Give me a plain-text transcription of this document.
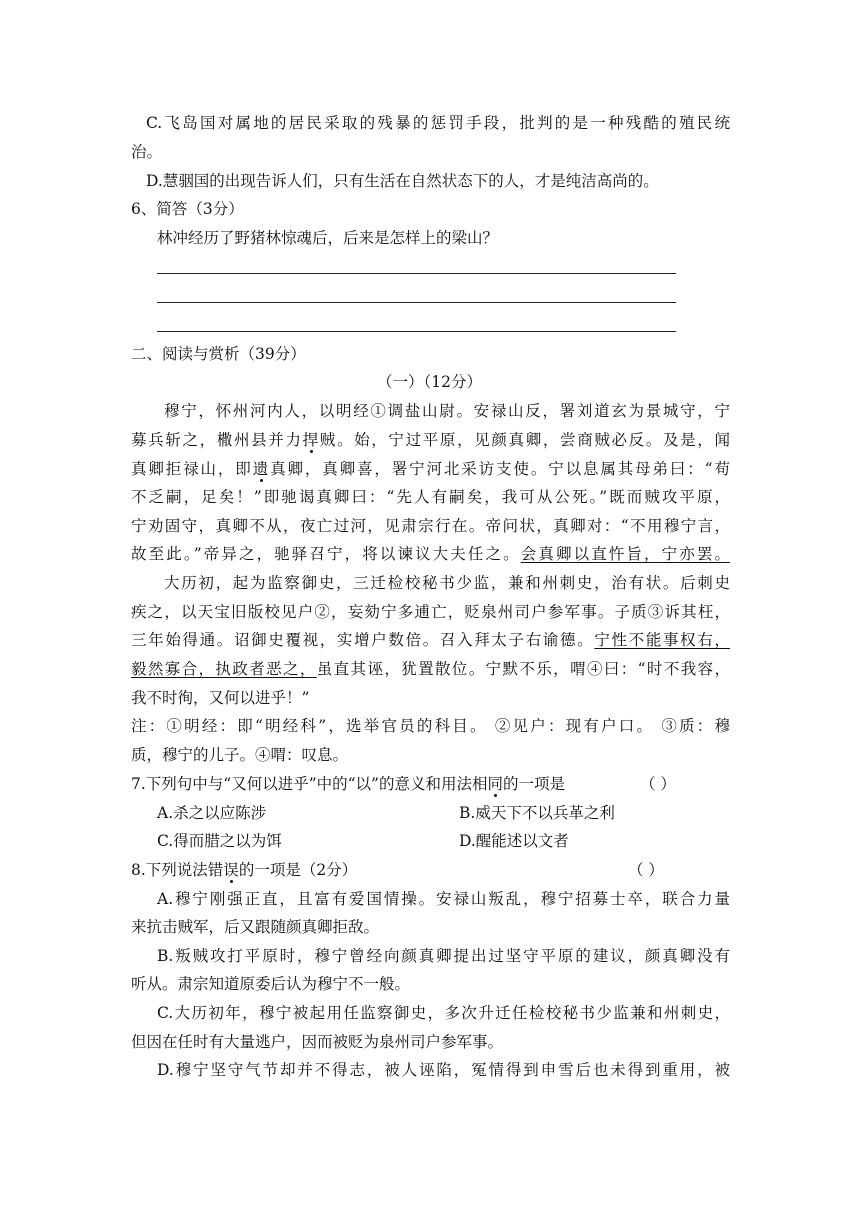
C.飞岛国对属地的居民采取的残暴的惩罚手段，批判的是一种残酷的殖民统
治。
D.慧骃国的出现告诉人们，只有生活在自然状态下的人，才是纯洁高尚的。
6、简答（3分）
林冲经历了野猪林惊魂后，后来是怎样上的梁山？
二、阅读与赏析（39分）
（一）（12分）
穆宁，怀州河内人，以明经①调盐山尉。安禄山反，署刘道玄为景城守，宁
募兵斩之，橵州县并力捍贼。始，宁过平原，见颜真卿，尝商贼必反。及是，闻
真卿拒禄山，即遗真卿，真卿喜，署宁河北采访支使。宁以息属其母弟曰：“苟
不乏嗣，足矣！”即驰谒真卿曰：“先人有嗣矣，我可从公死。”既而贼攻平原，
宁劝固守，真卿不从，夜亡过河，见肃宗行在。帝问状，真卿对：“不用穆宁言，
故至此。”帝异之，驰驿召宁，将以谏议大夫任之。会真卿以直忤旨，宁亦罢。
大历初，起为监察御史，三迁检校秘书少监，兼和州刺史，治有状。后刺史
疾之，以天宝旧版校见户②，妄劾宁多逋亡，贬泉州司户参军事。子质③诉其枉，
三年始得通。诏御史覆视，实增户数倍。召入拜太子右谕德。宁性不能事权右，
毅然寡合，执政者恶之，虽直其诬，犹置散位。宁默不乐，喟④曰：“时不我容，
我不时徇，又何以进乎！”
注：①明经：即“明经科”，选举官员的科目。 ②见户：现有户口。 ③质：穆
质，穆宁的儿子。④喟：叹息。
7.下列句中与“又何以进乎”中的“以”的意义和用法相同的一项是	（ ）
A.杀之以应陈涉	B.威天下不以兵革之利
C.得而腊之以为饵	D.醒能述以文者
8.下列说法错误的一项是（2分）	（ ）
A.穆宁刚强正直，且富有爱国情操。安禄山叛乱，穆宁招募士卒，联合力量
来抗击贼军，后又跟随颜真卿拒敌。
B.叛贼攻打平原时，穆宁曾经向颜真卿提出过坚守平原的建议，颜真卿没有
听从。肃宗知道原委后认为穆宁不一般。
C.大历初年，穆宁被起用任监察御史，多次升迁任检校秘书少监兼和州刺史，
但因在任时有大量逃户，因而被贬为泉州司户参军事。
D.穆宁坚守气节却并不得志，被人诬陷，冤情得到申雪后也未得到重用，被
